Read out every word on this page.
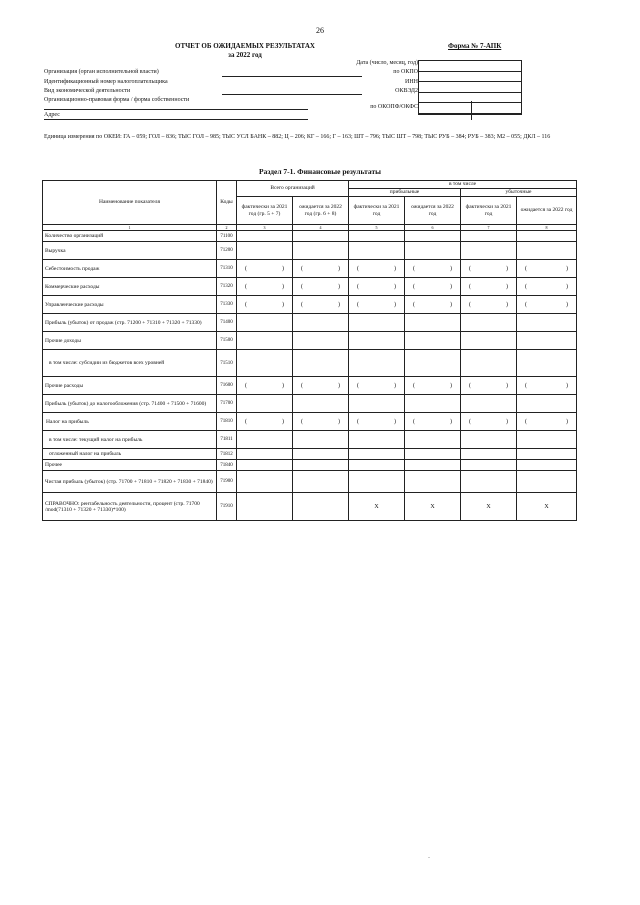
26
ОТЧЕТ ОБ ОЖИДАЕМЫХ РЕЗУЛЬТАТАХ
за 2022 год
Форма № 7-АПК
Дата (число, месяц, год)
по ОКПО
ИНН
ОКВЭД2
по ОКОПФ/ОКФС
Организация (орган исполнительной власти)
Идентификационный номер налогоплательщика
Вид экономической деятельности
Организационно-правовая форма / форма собственности
Адрес
Единица измерения по ОКЕИ: ГА – 059; ГОЛ – 836; ТЫС ГОЛ – 985; ТЫС УСЛ БАНК – 882; Ц – 206; КГ – 166; Г – 163; ШТ – 796; ТЫС ШТ – 798; ТЫС РУБ – 384; РУБ – 383; М2 – 055; ДКЛ – 116
Раздел 7-1. Финансовые результаты
Наименование показателя	Коды	Всего организаций		в том числе			
				прибыльные		убыточные	
		фактически за 2021 год (гр. 5 + 7)	ожидается за 2022 год (гр. 6 + 8)	фактически за 2021 год	ожидается за 2022 год	фактически за 2021 год	ожидается за 2022 год
1	2	3	4	5	6	7	8
Количество организаций	71100						
Выручка	71200						
Себестоимость продаж	71310	( )	( )	( )	( )	( )	( )

Коммерческие расходы	71320	( )	( )	( )	( )	( )	( )

Управленческие расходы	71330	( )	( )	( )	( )	( )	( )

Прибыль (убыток) от продаж (стр. 71200 + 71310 + 71320 + 71330)	71400						
Прочие доходы	71500						
в том числе: субсидии из бюджетов всех уровней	71510						
Прочие расходы	71600	( )	( )	( )	( )	( )	( )

Прибыль (убыток) до налогообложения (стр. 71400 + 71500 + 71600)	71700						
Налог на прибыль	71810	( )	( )	( )	( )	( )	( )

в том числе: текущий налог на прибыль	71811						
отложенный налог на прибыль	71812						
Прочее	71840						
Чистая прибыль (убыток) (стр. 71700 + 71810 + 71820 + 71830 + 71840)	71900						
СПРАВОЧНО: рентабельность деятельности, процент (стр. 71700 /mod(71310 + 71320 + 71330)*100)	71910			X	X	X	X
-
